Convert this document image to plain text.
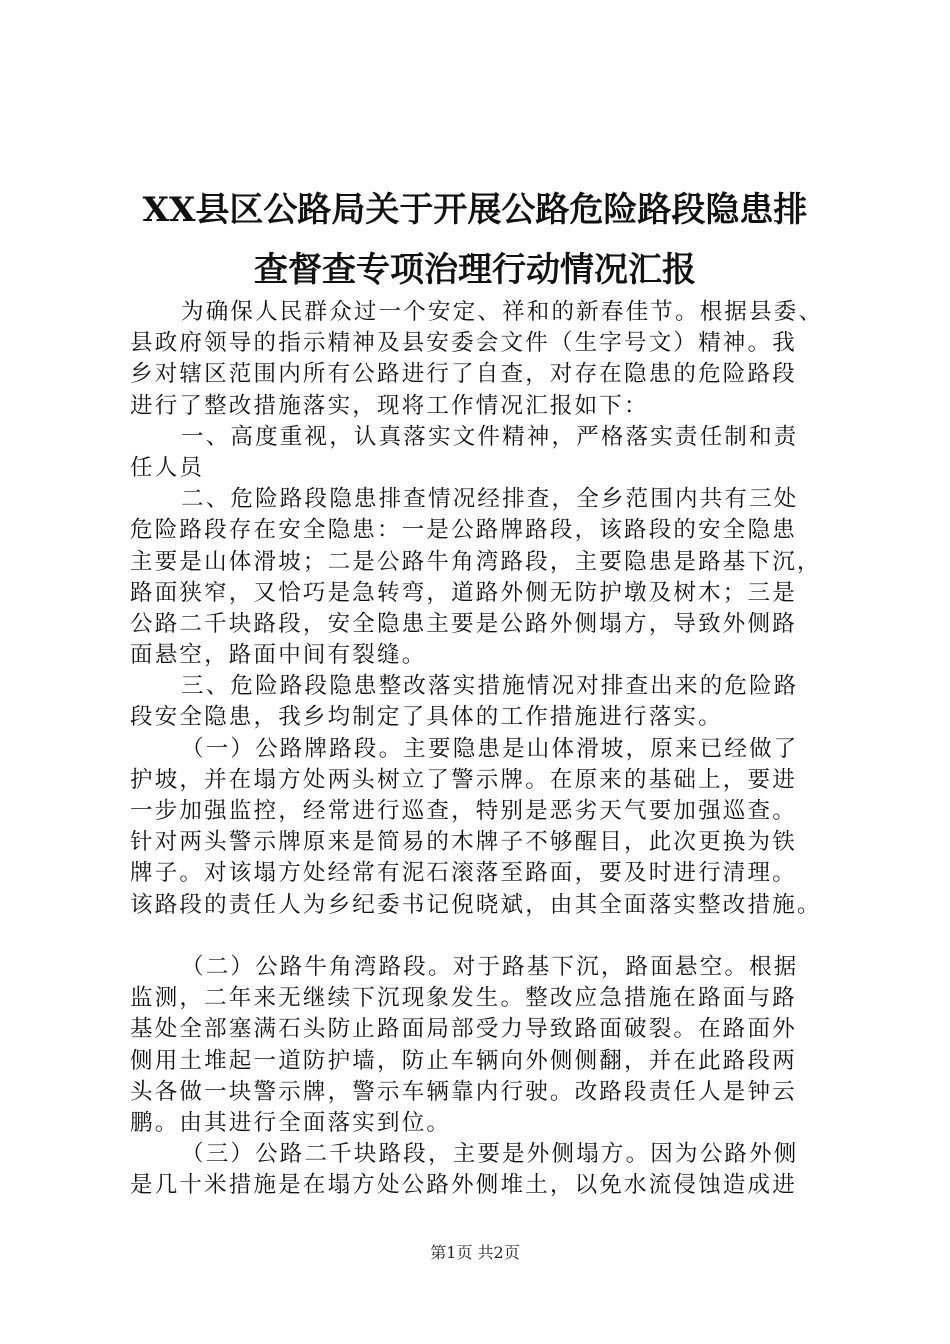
XX县区公路局关于开展公路危险路段隐患排
查督查专项治理行动情况汇报
为确保人民群众过一个安定、祥和的新春佳节。根据县委、
县政府领导的指示精神及县安委会文件（生字号文）精神。我
乡对辖区范围内所有公路进行了自查，对存在隐患的危险路段
进行了整改措施落实，现将工作情况汇报如下：
一、高度重视，认真落实文件精神，严格落实责任制和责
任人员
二、危险路段隐患排查情况经排查，全乡范围内共有三处
危险路段存在安全隐患：一是公路牌路段，该路段的安全隐患
主要是山体滑坡；二是公路牛角湾路段，主要隐患是路基下沉，
路面狭窄，又恰巧是急转弯，道路外侧无防护墩及树木；三是
公路二千块路段，安全隐患主要是公路外侧塌方，导致外侧路
面悬空，路面中间有裂缝。
三、危险路段隐患整改落实措施情况对排查出来的危险路
段安全隐患，我乡均制定了具体的工作措施进行落实。
（一）公路牌路段。主要隐患是山体滑坡，原来已经做了
护坡，并在塌方处两头树立了警示牌。在原来的基础上，要进
一步加强监控，经常进行巡查，特别是恶劣天气要加强巡查。
针对两头警示牌原来是简易的木牌子不够醒目，此次更换为铁
牌子。对该塌方处经常有泥石滚落至路面，要及时进行清理。
该路段的责任人为乡纪委书记倪晓斌，由其全面落实整改措施。
（二）公路牛角湾路段。对于路基下沉，路面悬空。根据
监测，二年来无继续下沉现象发生。整改应急措施在路面与路
基处全部塞满石头防止路面局部受力导致路面破裂。在路面外
侧用土堆起一道防护墙，防止车辆向外侧侧翻，并在此路段两
头各做一块警示牌，警示车辆靠内行驶。改路段责任人是钟云
鹏。由其进行全面落实到位。
（三）公路二千块路段，主要是外侧塌方。因为公路外侧
是几十米措施是在塌方处公路外侧堆土，以免水流侵蚀造成进
第1页 共2页
